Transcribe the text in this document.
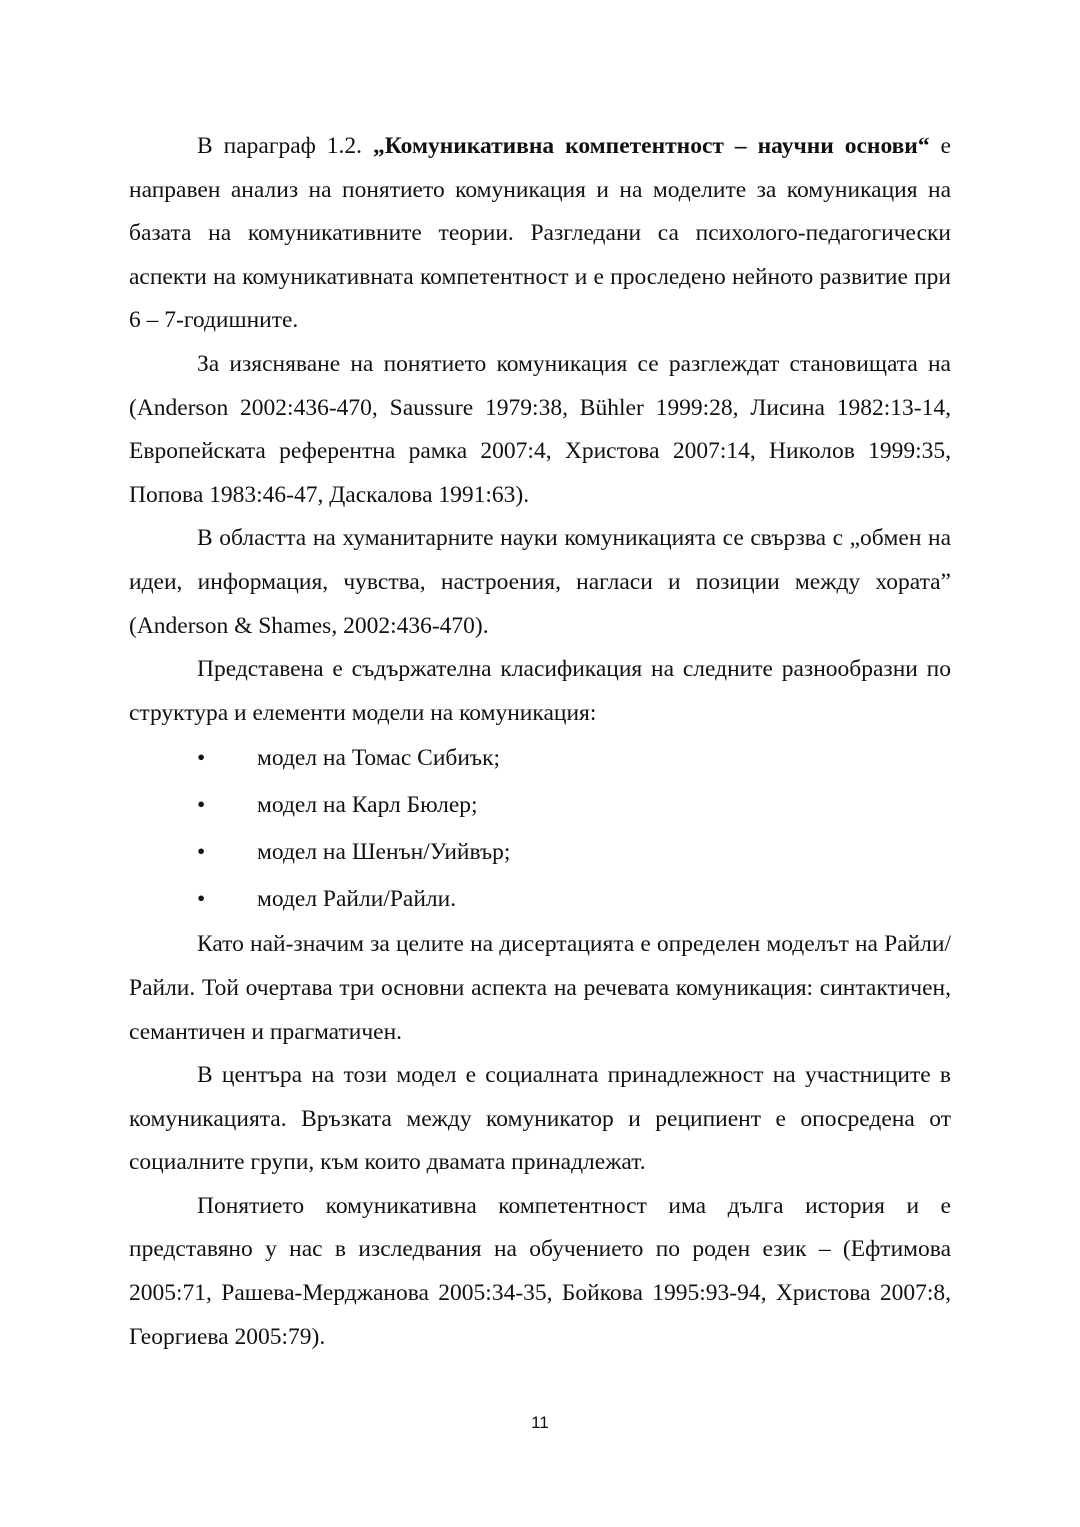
В параграф 1.2. „Комуникативна компетентност – научни основи“ е направен анализ на понятието комуникация и на моделите за комуникация на базата на комуникативните теории. Разгледани са психолого-педагогически аспекти на комуникативната компетентност и е проследено нейното развитие при 6 – 7-годишните.

За изясняване на понятието комуникация се разглеждат становищата на (Anderson 2002:436-470, Saussure 1979:38, Bühler 1999:28, Лисина 1982:13-14, Европейската референтна рамка 2007:4, Христова 2007:14, Николов 1999:35, Попова 1983:46-47, Даскалова 1991:63).

В областта на хуманитарните науки комуникацията се свързва с „обмен на идеи, информация, чувства, настроения, нагласи и позиции между хората” (Anderson & Shames, 2002:436-470).

Представена е съдържателна класификация на следните разнообразни по структура и елементи модели на комуникация:

• модел на Томас Сибиък;
• модел на Карл Бюлер;
• модел на Шенън/Уийвър;
• модел Райли/Райли.

Като най-значим за целите на дисертацията е определен моделът на Райли/Райли. Той очертава три основни аспекта на речевата комуникация: синтактичен, семантичен и прагматичен.

В центъра на този модел е социалната принадлежност на участниците в комуникацията. Връзката между комуникатор и реципиент е опосредена от социалните групи, към които двамата принадлежат.

Понятието комуникативна компетентност има дълга история и е представяно у нас в изследвания на обучението по роден език – (Ефтимова 2005:71, Рашева-Мерджанова 2005:34-35, Бойкова 1995:93-94, Христова 2007:8, Георгиева 2005:79).

11
